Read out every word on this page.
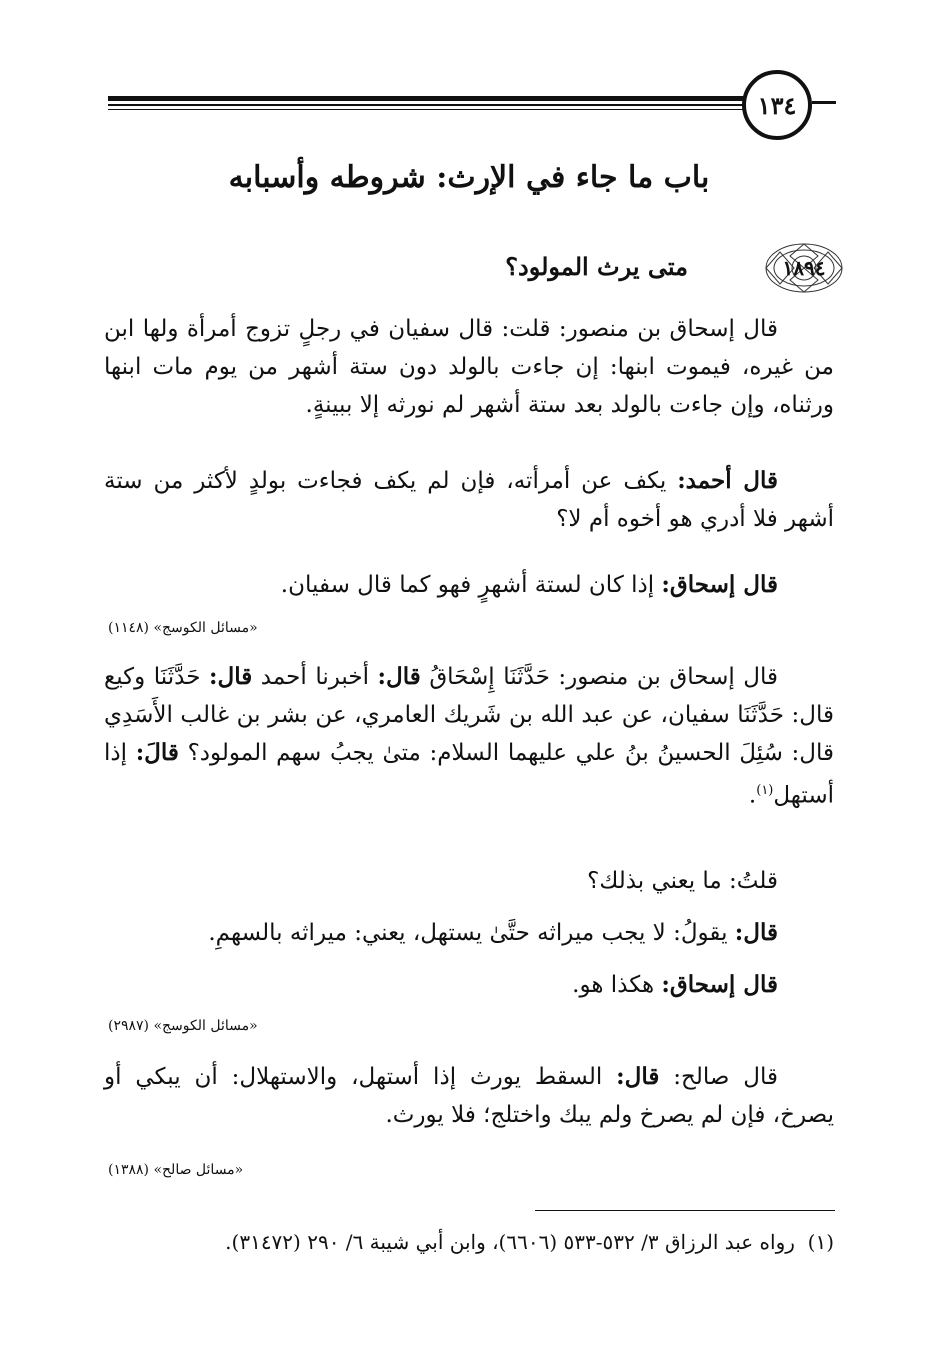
١٣٤
باب ما جاء في الإرث: شروطه وأسبابه
١٨٩٤
متى يرث المولود؟
قال إسحاق بن منصور: قلت: قال سفيان في رجلٍ تزوج أمرأة ولها ابن من غيره، فيموت ابنها: إن جاءت بالولد دون ستة أشهر من يوم مات ابنها ورثناه، وإن جاءت بالولد بعد ستة أشهر لم نورثه إلا ببينةٍ.
قال أحمد: يكف عن أمرأته، فإن لم يكف فجاءت بولدٍ لأكثر من ستة أشهر فلا أدري هو أخوه أم لا؟
قال إسحاق: إذا كان لستة أشهرٍ فهو كما قال سفيان.
«مسائل الكوسج» (١١٤٨)
قال إسحاق بن منصور: حَدَّثَنَا إِسْحَاقُ قال: أخبرنا أحمد قال: حَدَّثَنَا وكيع قال: حَدَّثَنَا سفيان، عن عبد الله بن شَريك العامري، عن بشر بن غالب الأَسَدِي قال: سُئِلَ الحسينُ بنُ علي عليهما السلام: متىٰ يجبُ سهم المولود؟ قالَ: إذا أستهل$^{(١)}$.
قلتُ: ما يعني بذلك؟
قال: يقولُ: لا يجب ميراثه حتَّىٰ يستهل، يعني: ميراثه بالسهمِ.
قال إسحاق: هكذا هو.
«مسائل الكوسج» (٢٩٨٧)
قال صالح: قال: السقط يورث إذا أستهل، والاستهلال: أن يبكي أو يصرخ، فإن لم يصرخ ولم يبك واختلج؛ فلا يورث.
«مسائل صالح» (١٣٨٨)
(١)  رواه عبد الرزاق ٣/ ٥٣٢-٥٣٣ (٦٦٠٦)، وابن أبي شيبة ٦/ ٢٩٠ (٣١٤٧٢).
